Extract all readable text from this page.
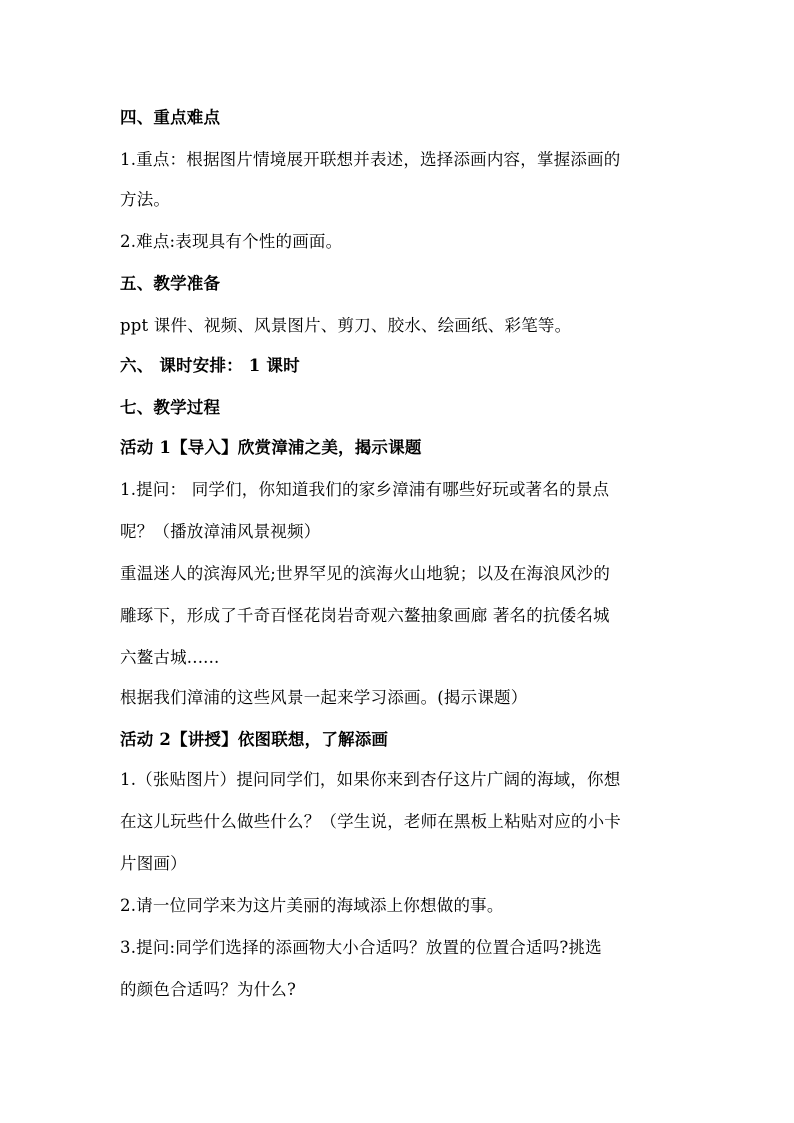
四、重点难点
1.重点：根据图片情境展开联想并表述，选择添画内容，掌握添画的
方法。
2.难点:表现具有个性的画面。
五、教学准备
ppt 课件、视频、风景图片、剪刀、胶水、绘画纸、彩笔等。
六、 课时安排： 1 课时
七、教学过程
活动 1【导入】欣赏漳浦之美，揭示课题
1.提问： 同学们，你知道我们的家乡漳浦有哪些好玩或著名的景点
呢？（播放漳浦风景视频）
重温迷人的滨海风光;世界罕见的滨海火山地貌；以及在海浪风沙的
雕琢下，形成了千奇百怪花岗岩奇观六鳌抽象画廊 著名的抗倭名城
六鳌古城......
根据我们漳浦的这些风景一起来学习添画。(揭示课题）
活动 2【讲授】依图联想，了解添画
1.（张贴图片）提问同学们，如果你来到杏仔这片广阔的海域，你想
在这儿玩些什么做些什么？（学生说，老师在黑板上粘贴对应的小卡
片图画）
2.请一位同学来为这片美丽的海域添上你想做的事。
3.提问:同学们选择的添画物大小合适吗？放置的位置合适吗?挑选
的颜色合适吗？为什么?
